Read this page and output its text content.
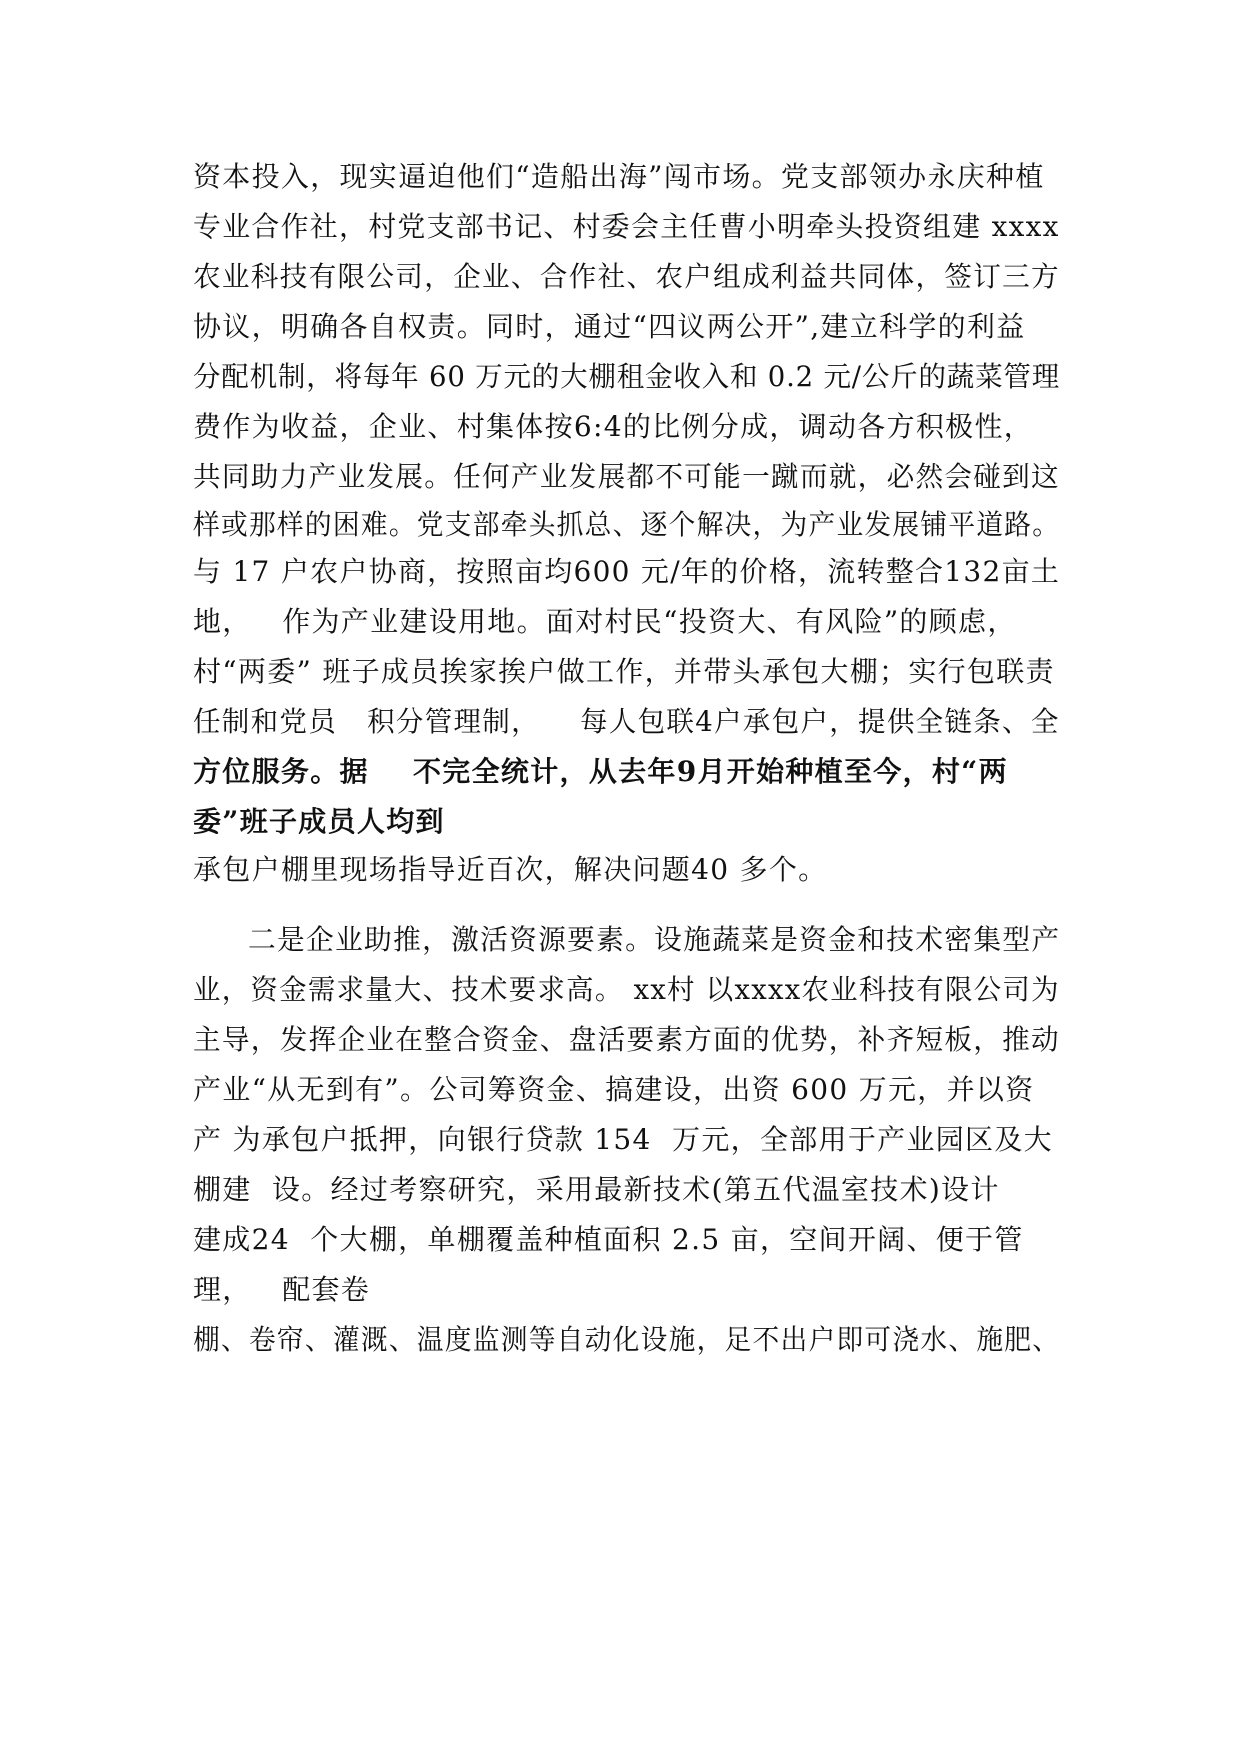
资本投入，现实逼迫他们“造船出海”闯市场。党支部领办永庆种植

专业合作社，村党支部书记、村委会主任曹小明牵头投资组建 xxxx

农业科技有限公司，企业、合作社、农户组成利益共同体，签订三方

协议，明确各自权责。同时，通过“四议两公开”,建立科学的利益

分配机制，将每年 60 万元的大棚租金收入和 0.2 元/公斤的蔬菜管理

费作为收益，企业、村集体按6:4的比例分成，调动各方积极性，

共同助力产业发展。任何产业发展都不可能一蹴而就，必然会碰到这

样或那样的困难。党支部牵头抓总、逐个解决，为产业发展铺平道路。

与 17 户农户协商，按照亩均600 元/年的价格，流转整合132亩土

地，   作为产业建设用地。面对村民“投资大、有风险”的顾虑，

村“两委” 班子成员挨家挨户做工作，并带头承包大棚；实行包联责

任制和党员   积分管理制，    每人包联4户承包户，提供全链条、全

方位服务。据    不完全统计，从去年9月开始种植至今，村“两

委”班子成员人均到

承包户棚里现场指导近百次，解决问题40 多个。

二是企业助推，激活资源要素。设施蔬菜是资金和技术密集型产

业，资金需求量大、技术要求高。 xx村 以xxxx农业科技有限公司为

主导，发挥企业在整合资金、盘活要素方面的优势，补齐短板，推动

产业“从无到有”。公司筹资金、搞建设，出资 600 万元，并以资

产 为承包户抵押，向银行贷款 154  万元，全部用于产业园区及大

棚建  设。经过考察研究，采用最新技术(第五代温室技术)设计

建成24  个大棚，单棚覆盖种植面积 2.5 亩，空间开阔、便于管

理，   配套卷

棚、卷帘、灌溉、温度监测等自动化设施，足不出户即可浇水、施肥、
